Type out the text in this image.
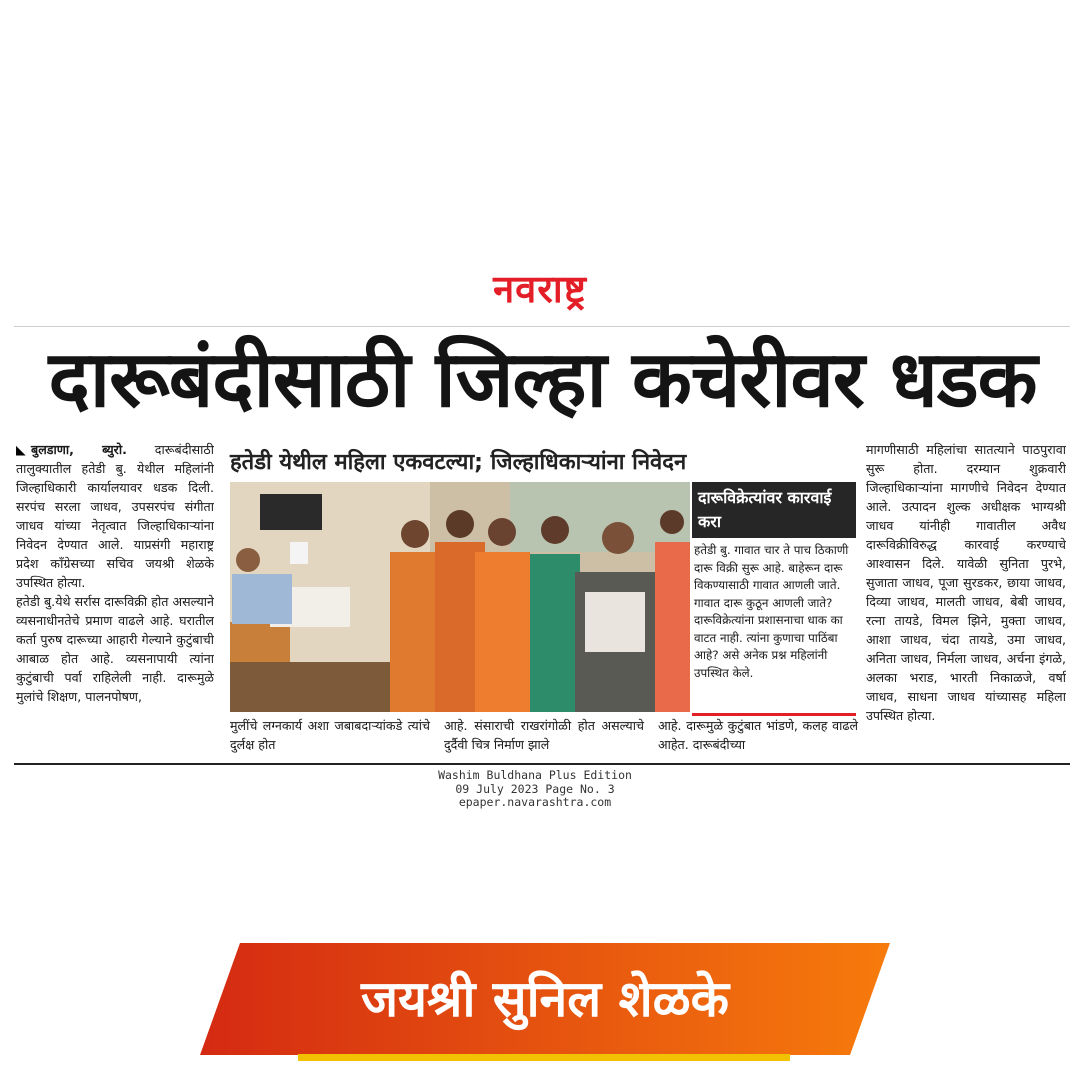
नवराष्ट्र
दारूबंदीसाठी जिल्हा कचेरीवर धडक

◣ बुलडाणा, ब्युरो. दारूबंदीसाठी तालुक्यातील हतेडी बु. येथील महिलांनी जिल्हाधिकारी कार्यालयावर धडक दिली. सरपंच सरला जाधव, उपसरपंच संगीता जाधव यांच्या नेतृत्वात जिल्हाधिकाऱ्यांना निवेदन देण्यात आले. याप्रसंगी महाराष्ट्र प्रदेश काँग्रेसच्या सचिव जयश्री शेळके उपस्थित होत्या.

हतेडी बु.येथे सर्रास दारूविक्री होत असल्याने व्यसनाधीनतेचे प्रमाण वाढले आहे. घरातील कर्ता पुरुष दारूच्या आहारी गेल्याने कुटुंबाची आबाळ होत आहे. व्यसनापायी त्यांना कुटुंबाची पर्वा राहिलेली नाही. दारूमुळे मुलांचे शिक्षण, पालनपोषण,

हतेडी येथील महिला एकवटल्या; जिल्हाधिकाऱ्यांना निवेदन
दारूविक्रेत्यांवर कारवाई करा
हतेडी बु. गावात चार ते पाच ठिकाणी दारू विक्री सुरू आहे. बाहेरून दारू विकण्यासाठी गावात आणली जाते. गावात दारू कुठून आणली जाते? दारूविक्रेत्यांना प्रशासनाचा धाक का वाटत नाही. त्यांना कुणाचा पाठिंबा आहे? असे अनेक प्रश्न महिलांनी उपस्थित केले.
मुलींचे लग्नकार्य अशा जबाबदाऱ्यांकडे त्यांचे दुर्लक्ष होत
आहे. संसाराची राखरांगोळी होत असल्याचे दुर्दैवी चित्र निर्माण झाले
आहे. दारूमुळे कुटुंबात भांडणे, कलह वाढले आहेत. दारूबंदीच्या
मागणीसाठी महिलांचा सातत्याने पाठपुरावा सुरू होता. दरम्यान शुक्रवारी जिल्हाधिकाऱ्यांना मागणीचे निवेदन देण्यात आले. उत्पादन शुल्क अधीक्षक भाग्यश्री जाधव यांनीही गावातील अवैध दारूविक्रीविरुद्ध कारवाई करण्याचे आश्वासन दिले. यावेळी सुनिता पुरभे, सुजाता जाधव, पूजा सुरडकर, छाया जाधव, दिव्या जाधव, मालती जाधव, बेबी जाधव, रत्ना तायडे, विमल झिने, मुक्ता जाधव, आशा जाधव, चंदा तायडे, उमा जाधव, अनिता जाधव, निर्मला जाधव, अर्चना इंगळे, अलका भराड, भारती निकाळजे, वर्षा जाधव, साधना जाधव यांच्यासह महिला उपस्थित होत्या.
Washim Buldhana Plus Edition
09 July 2023 Page No. 3
epaper.navarashtra.com
जयश्री सुनिल शेळके
